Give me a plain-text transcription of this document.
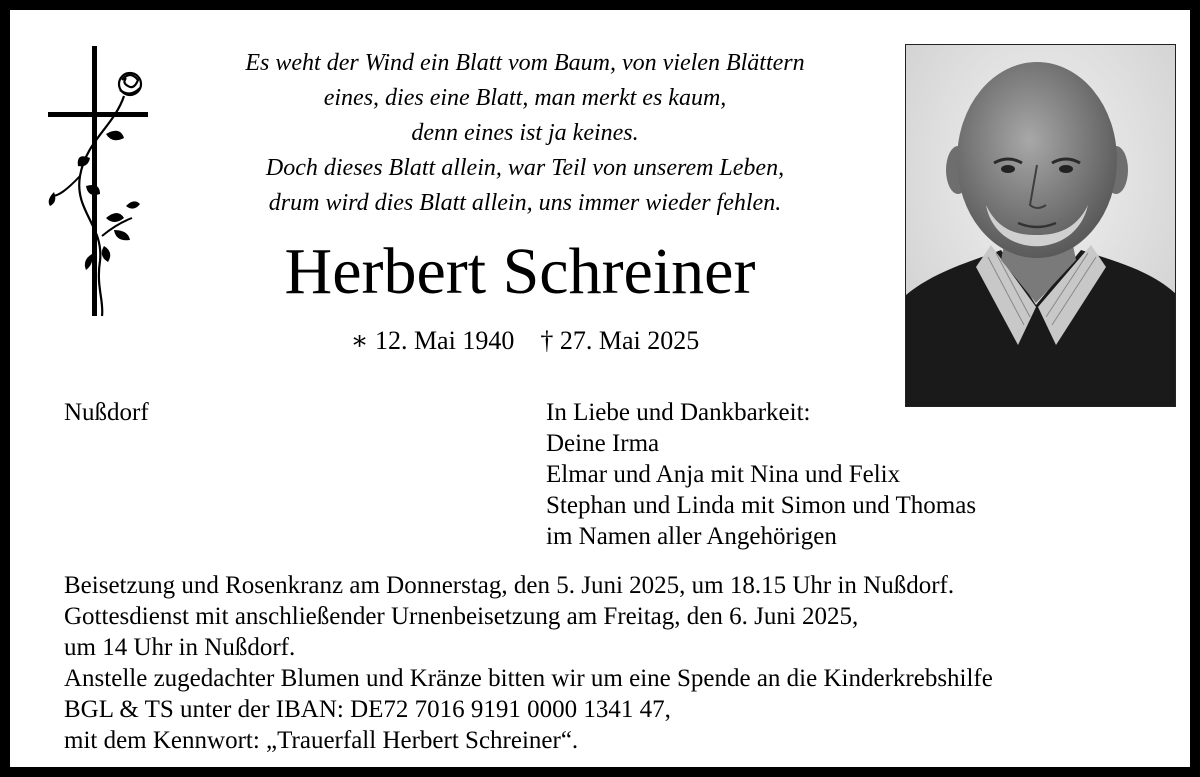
Es weht der Wind ein Blatt vom Baum, von vielen Blättern
eines, dies eine Blatt, man merkt es kaum,
denn eines ist ja keines.
Doch dieses Blatt allein, war Teil von unserem Leben,
drum wird dies Blatt allein, uns immer wieder fehlen.
Herbert Schreiner
∗ 12. Mai 1940 † 27. Mai 2025
Nußdorf	In Liebe und Dankbarkeit:
Deine Irma
Elmar und Anja mit Nina und Felix
Stephan und Linda mit Simon und Thomas
im Namen aller Angehörigen
Beisetzung und Rosenkranz am Donnerstag, den 5. Juni 2025, um 18.15 Uhr in Nußdorf.
Gottesdienst mit anschließender Urnenbeisetzung am Freitag, den 6. Juni 2025,
um 14 Uhr in Nußdorf.
Anstelle zugedachter Blumen und Kränze bitten wir um eine Spende an die Kinderkrebshilfe
BGL & TS unter der IBAN: DE72 7016 9191 0000 1341 47,
mit dem Kennwort: „Trauerfall Herbert Schreiner“.
